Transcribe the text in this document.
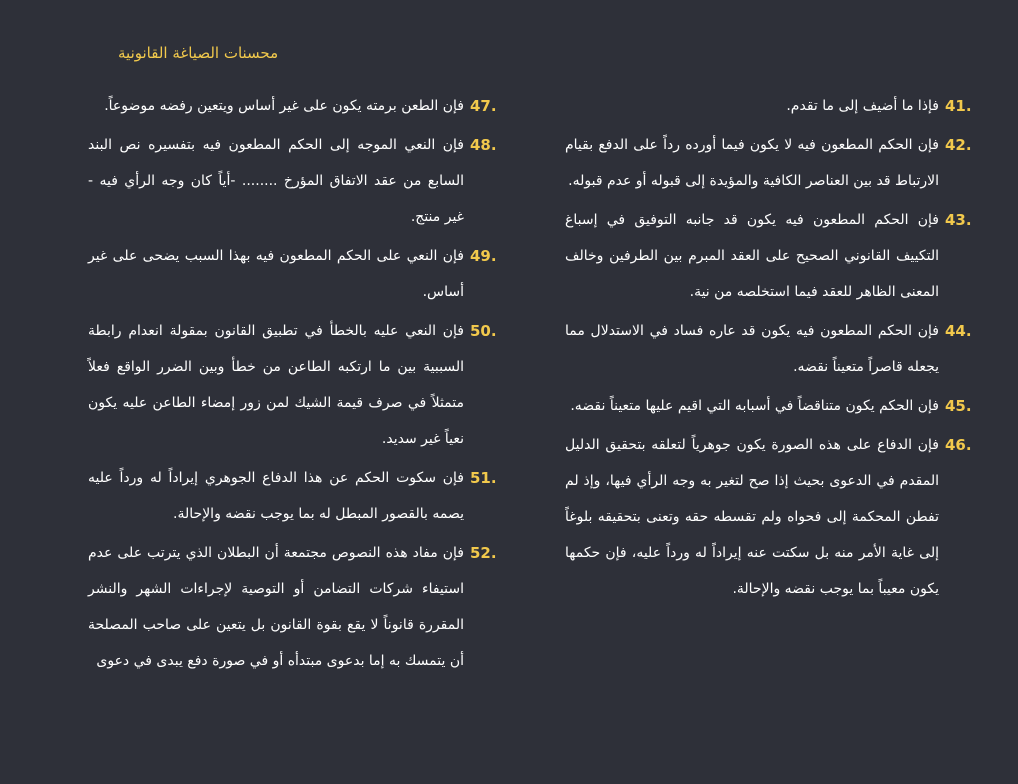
محسنات الصياغة القانونية
41.
فإذا ما أضيف إلى ما تقدم.
42.
فإن الحكم المطعون فيه لا يكون فيما أورده رداً على الدفع بقيام الارتباط قد بين العناصر الكافية والمؤيدة إلى قبوله أو عدم قبوله.
43.
فإن الحكم المطعون فيه يكون قد جانبه التوفيق في إسباغ التكييف القانوني الصحيح على العقد المبرم بين الطرفين وخالف المعنى الظاهر للعقد فيما استخلصه من نية.
44.
فإن الحكم المطعون فيه يكون قد عاره فساد في الاستدلال مما يجعله قاصراً متعيناً نقضه.
45.
فإن الحكم يكون متناقضاً في أسبابه التي اقيم عليها متعيناً نقضه.
46.
فإن الدفاع على هذه الصورة يكون جوهرياً لتعلقه بتحقيق الدليل المقدم في الدعوى بحيث إذا صح لتغير به وجه الرأي فيها، وإذ لم تفطن المحكمة إلى فحواه ولم تقسطه حقه وتعنى بتحقيقه بلوغاً إلى غاية الأمر منه بل سكتت عنه إيراداً له ورداً عليه، فإن حكمها يكون معيباً بما يوجب نقضه والإحالة.
47.
فإن الطعن برمته يكون على غير أساس ويتعين رفضه موضوعاً.
48.
فإن النعي الموجه إلى الحكم المطعون فيه بتفسيره نص البند السابع من عقد الاتفاق المؤرخ ........ -أياً كان وجه الرأي فيه - غير منتج.
49.
فإن النعي على الحكم المطعون فيه بهذا السبب يضحى على غير أساس.
50.
فإن النعي عليه بالخطأ في تطبيق القانون بمقولة انعدام رابطة السببية بين ما ارتكبه الطاعن من خطأ وبين الضرر الواقع فعلاً متمثلاً في صرف قيمة الشيك لمن زور إمضاء الطاعن عليه يكون نعياً غير سديد.
51.
فإن سكوت الحكم عن هذا الدفاع الجوهري إيراداً له ورداً عليه يصمه بالقصور المبطل له بما يوجب نقضه والإحالة.
52.
فإن مفاد هذه النصوص مجتمعة أن البطلان الذي يترتب على عدم استيفاء شركات التضامن أو التوصية لإجراءات الشهر والنشر المقررة قانوناً لا يقع بقوة القانون بل يتعين على صاحب المصلحة أن يتمسك به إما بدعوى مبتدأه أو في صورة دفع يبدى في دعوى
